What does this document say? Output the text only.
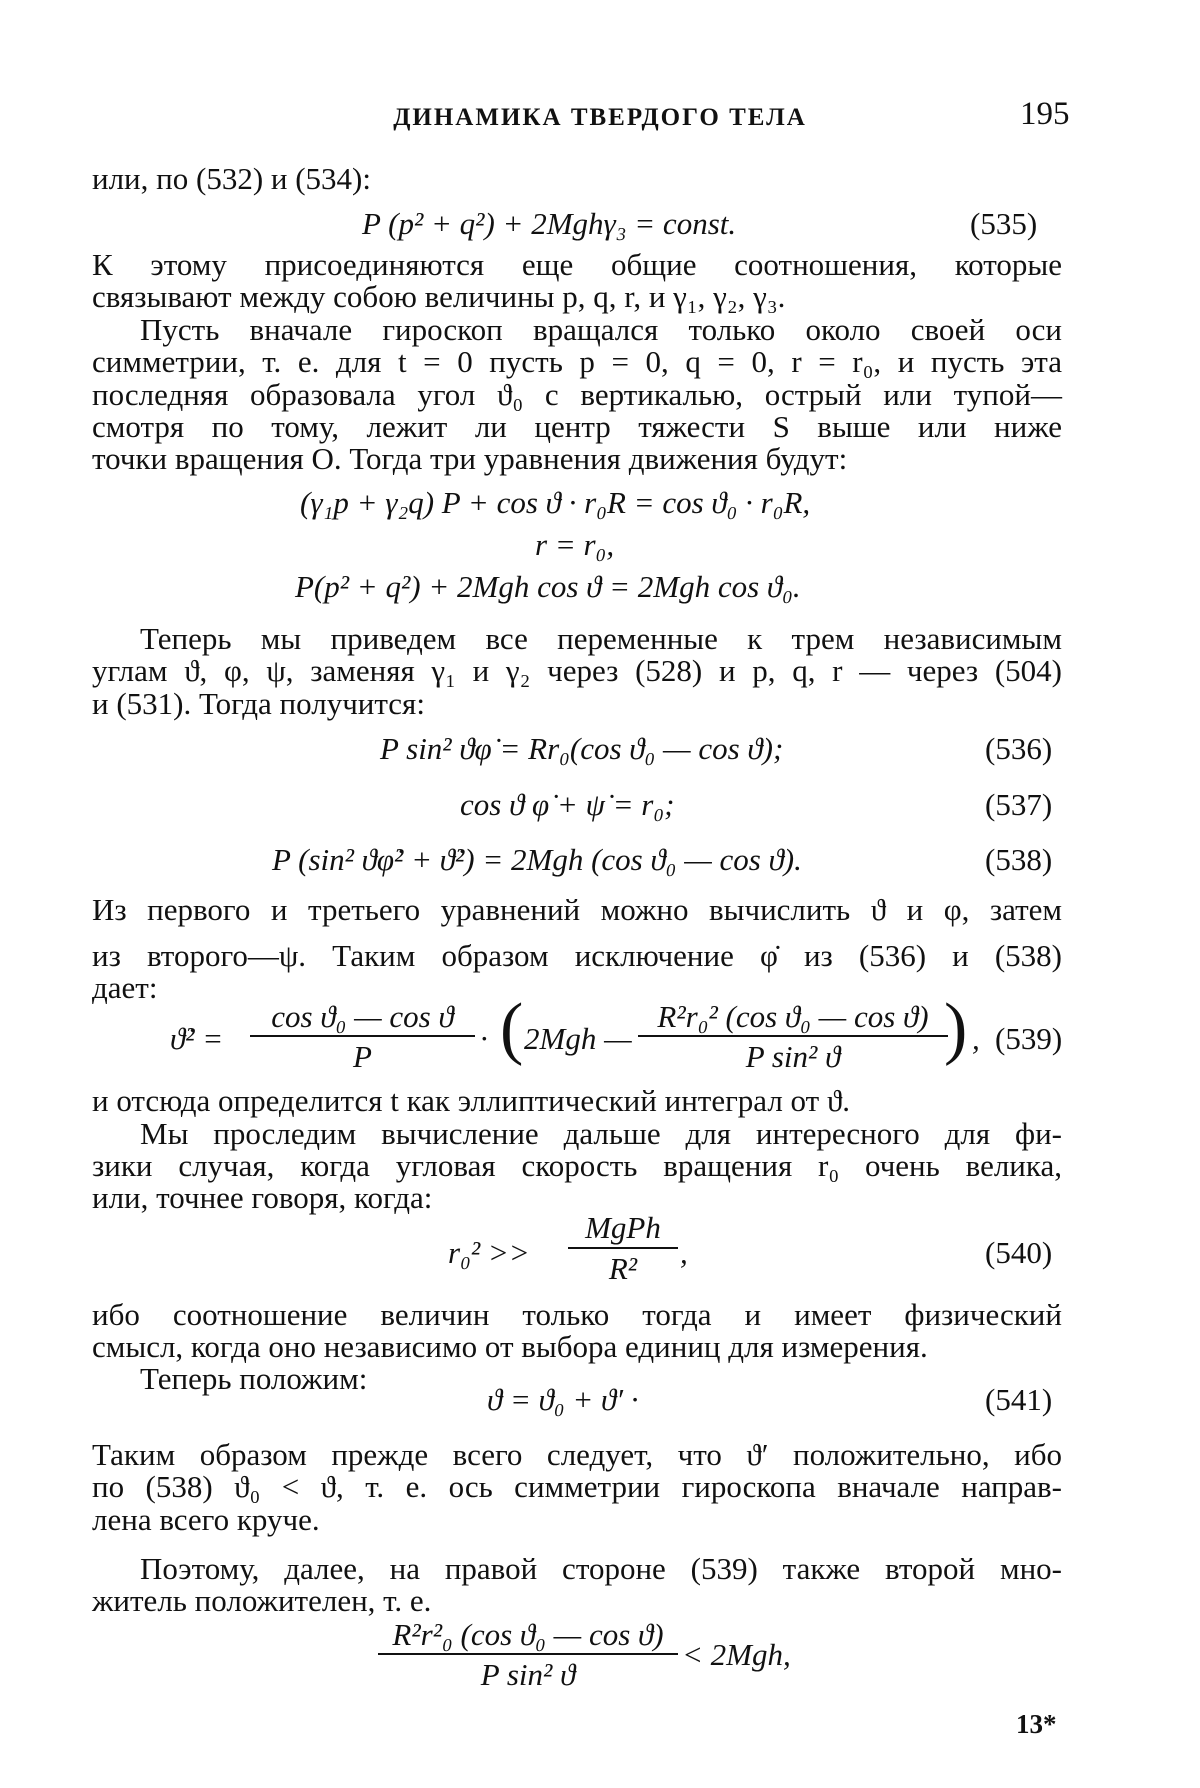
ДИНАМИКА ТВЕРДОГО ТЕЛА	195
или, по (532) и (534):
P (p² + q²) + 2Mghγ₃ = const.	(535)
К этому присоединяются еще общие соотношения, которые
связывают между собою величины p, q, r, и γ₁, γ₂, γ₃.
Пусть вначале гироскоп вращался только около своей оси
симметрии, т. е. для t = 0 пусть p = 0, q = 0, r = r₀, и пусть эта
последняя образовала угол ϑ₀ с вертикалью, острый или тупой—
смотря по тому, лежит ли центр тяжести S выше или ниже
точки вращения O. Тогда три уравнения движения будут:
(γ₁p + γ₂q) P + cos ϑ · r₀R = cos ϑ₀ · r₀R,
r = r₀,
P(p² + q²) + 2Mgh cos ϑ = 2Mgh cos ϑ₀.
Теперь мы приведем все переменные к трем независимым
углам ϑ, φ, ψ, заменяя γ₁ и γ₂ через (528) и p, q, r — через (504)
и (531). Тогда получится:
P sin² ϑφ̇ = Rr₀(cos ϑ₀ — cos ϑ);	(536)
cos ϑ φ̇ + ψ̇ = r₀;	(537)
P (sin² ϑφ̇² + ϑ̇²) = 2Mgh (cos ϑ₀ — cos ϑ).	(538)
Из первого и третьего уравнений можно вычислить ϑ и φ, затем
из второго—ψ. Таким образом исключение φ̇ из (536) и (538)
дает:
ϑ̇² =
cos ϑ₀ — cos ϑ
P
· ( 2Mgh —
R²r₀² (cos ϑ₀ — cos ϑ)
P sin² ϑ	) , (539)
и отсюда определится t как эллиптический интеграл от ϑ.
Мы проследим вычисление дальше для интересного для фи-
зики случая, когда угловая скорость вращения r₀ очень велика,
или, точнее говоря, когда:
r₀² >>
MgPh
R²	,	(540)
ибо соотношение величин только тогда и имеет физический
смысл, когда оно независимо от выбора единиц для измерения.
Теперь положим:
ϑ = ϑ₀ + ϑ′ ·	(541)
Таким образом прежде всего следует, что ϑ′ положительно, ибо
по (538) ϑ₀ < ϑ, т. е. ось симметрии гироскопа вначале направ-
лена всего круче.
Поэтому, далее, на правой стороне (539) также второй мно-
житель положителен, т. е.
R²r²₀ (cos ϑ₀ — cos ϑ)
P sin² ϑ
< 2Mgh,
13*
